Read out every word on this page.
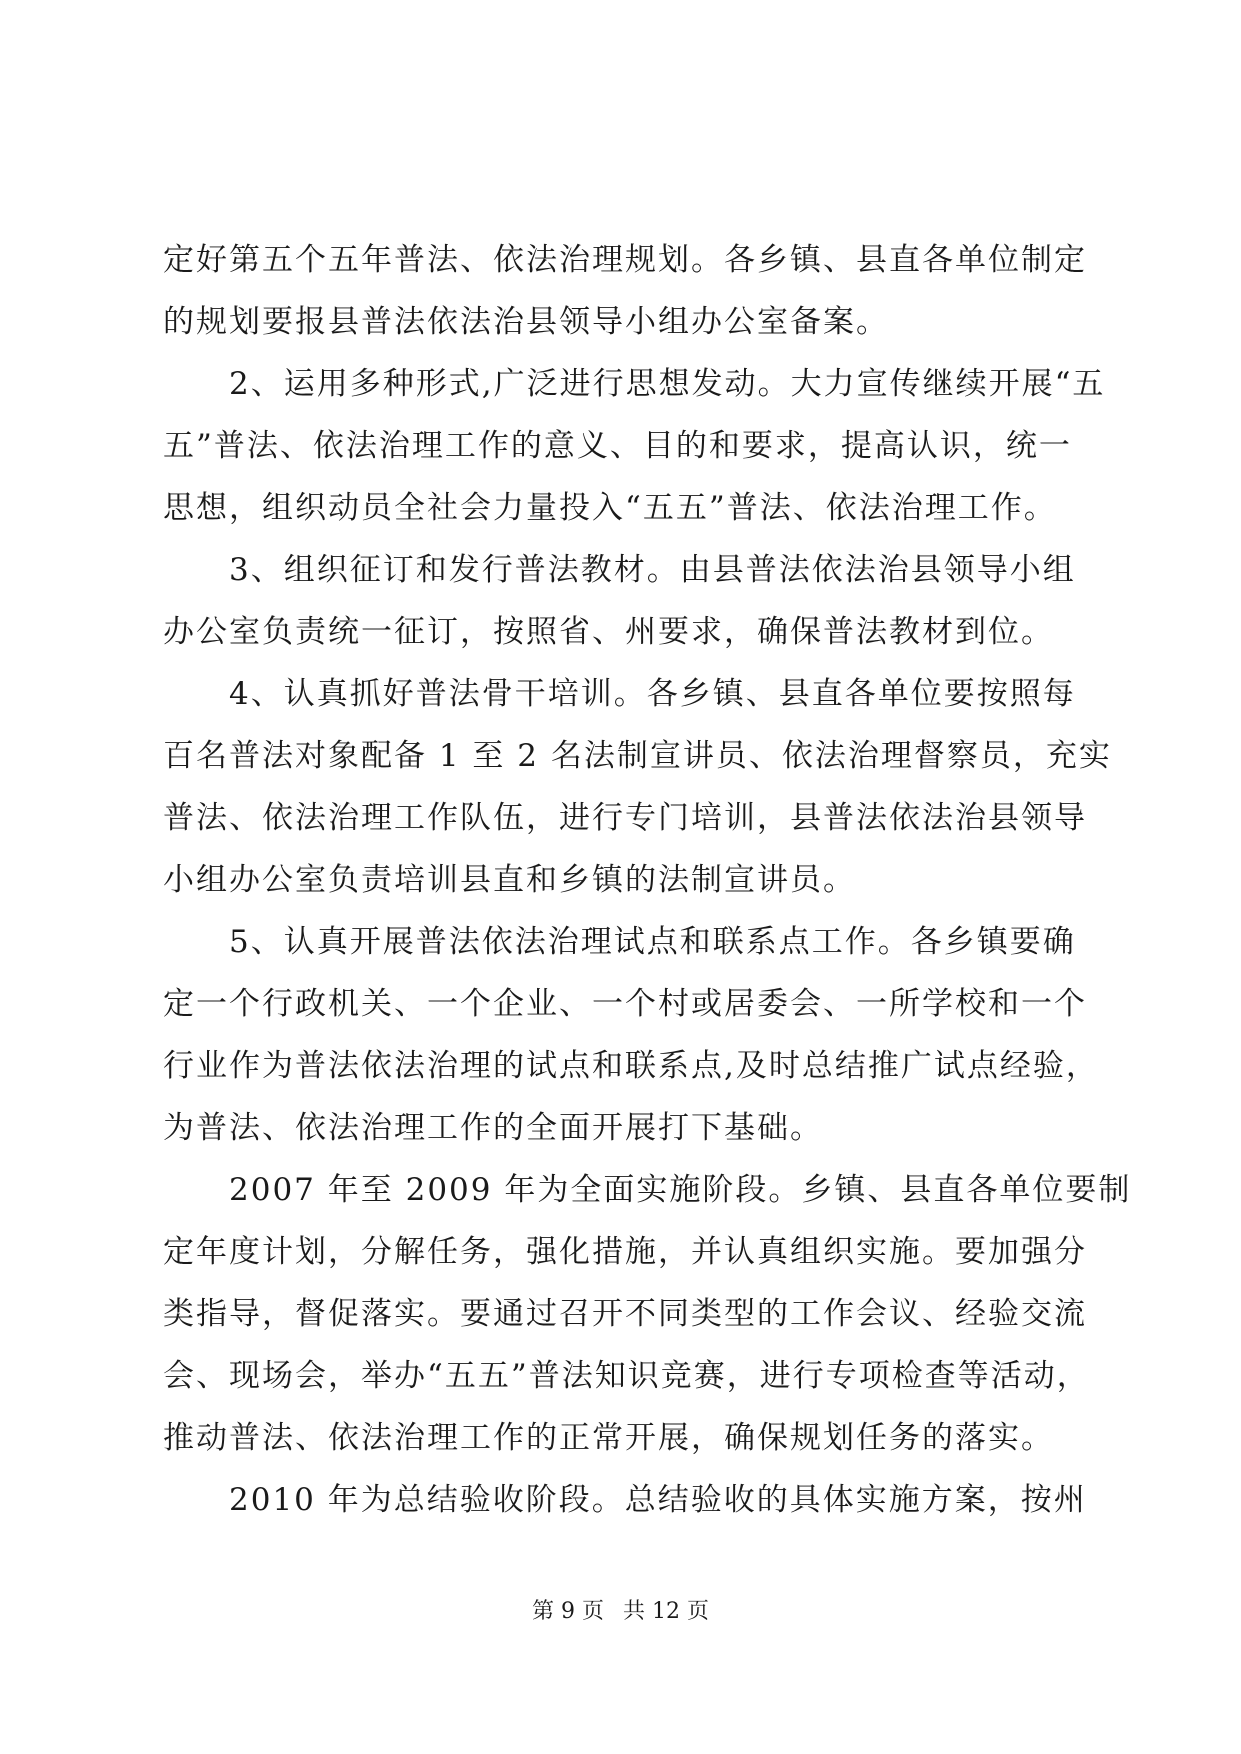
定好第五个五年普法、依法治理规划。各乡镇、县直各单位制定
的规划要报县普法依法治县领导小组办公室备案。
2、运用多种形式,广泛进行思想发动。大力宣传继续开展“五
五”普法、依法治理工作的意义、目的和要求，提高认识，统一
思想，组织动员全社会力量投入“五五”普法、依法治理工作。
3、组织征订和发行普法教材。由县普法依法治县领导小组
办公室负责统一征订，按照省、州要求，确保普法教材到位。
4、认真抓好普法骨干培训。各乡镇、县直各单位要按照每
百名普法对象配备 1 至 2 名法制宣讲员、依法治理督察员，充实
普法、依法治理工作队伍，进行专门培训，县普法依法治县领导
小组办公室负责培训县直和乡镇的法制宣讲员。
5、认真开展普法依法治理试点和联系点工作。各乡镇要确
定一个行政机关、一个企业、一个村或居委会、一所学校和一个
行业作为普法依法治理的试点和联系点,及时总结推广试点经验，
为普法、依法治理工作的全面开展打下基础。
2007 年至 2009 年为全面实施阶段。乡镇、县直各单位要制
定年度计划，分解任务，强化措施，并认真组织实施。要加强分
类指导，督促落实。要通过召开不同类型的工作会议、经验交流
会、现场会，举办“五五”普法知识竞赛，进行专项检查等活动，
推动普法、依法治理工作的正常开展，确保规划任务的落实。
2010 年为总结验收阶段。总结验收的具体实施方案，按州
第 9 页 共 12 页
